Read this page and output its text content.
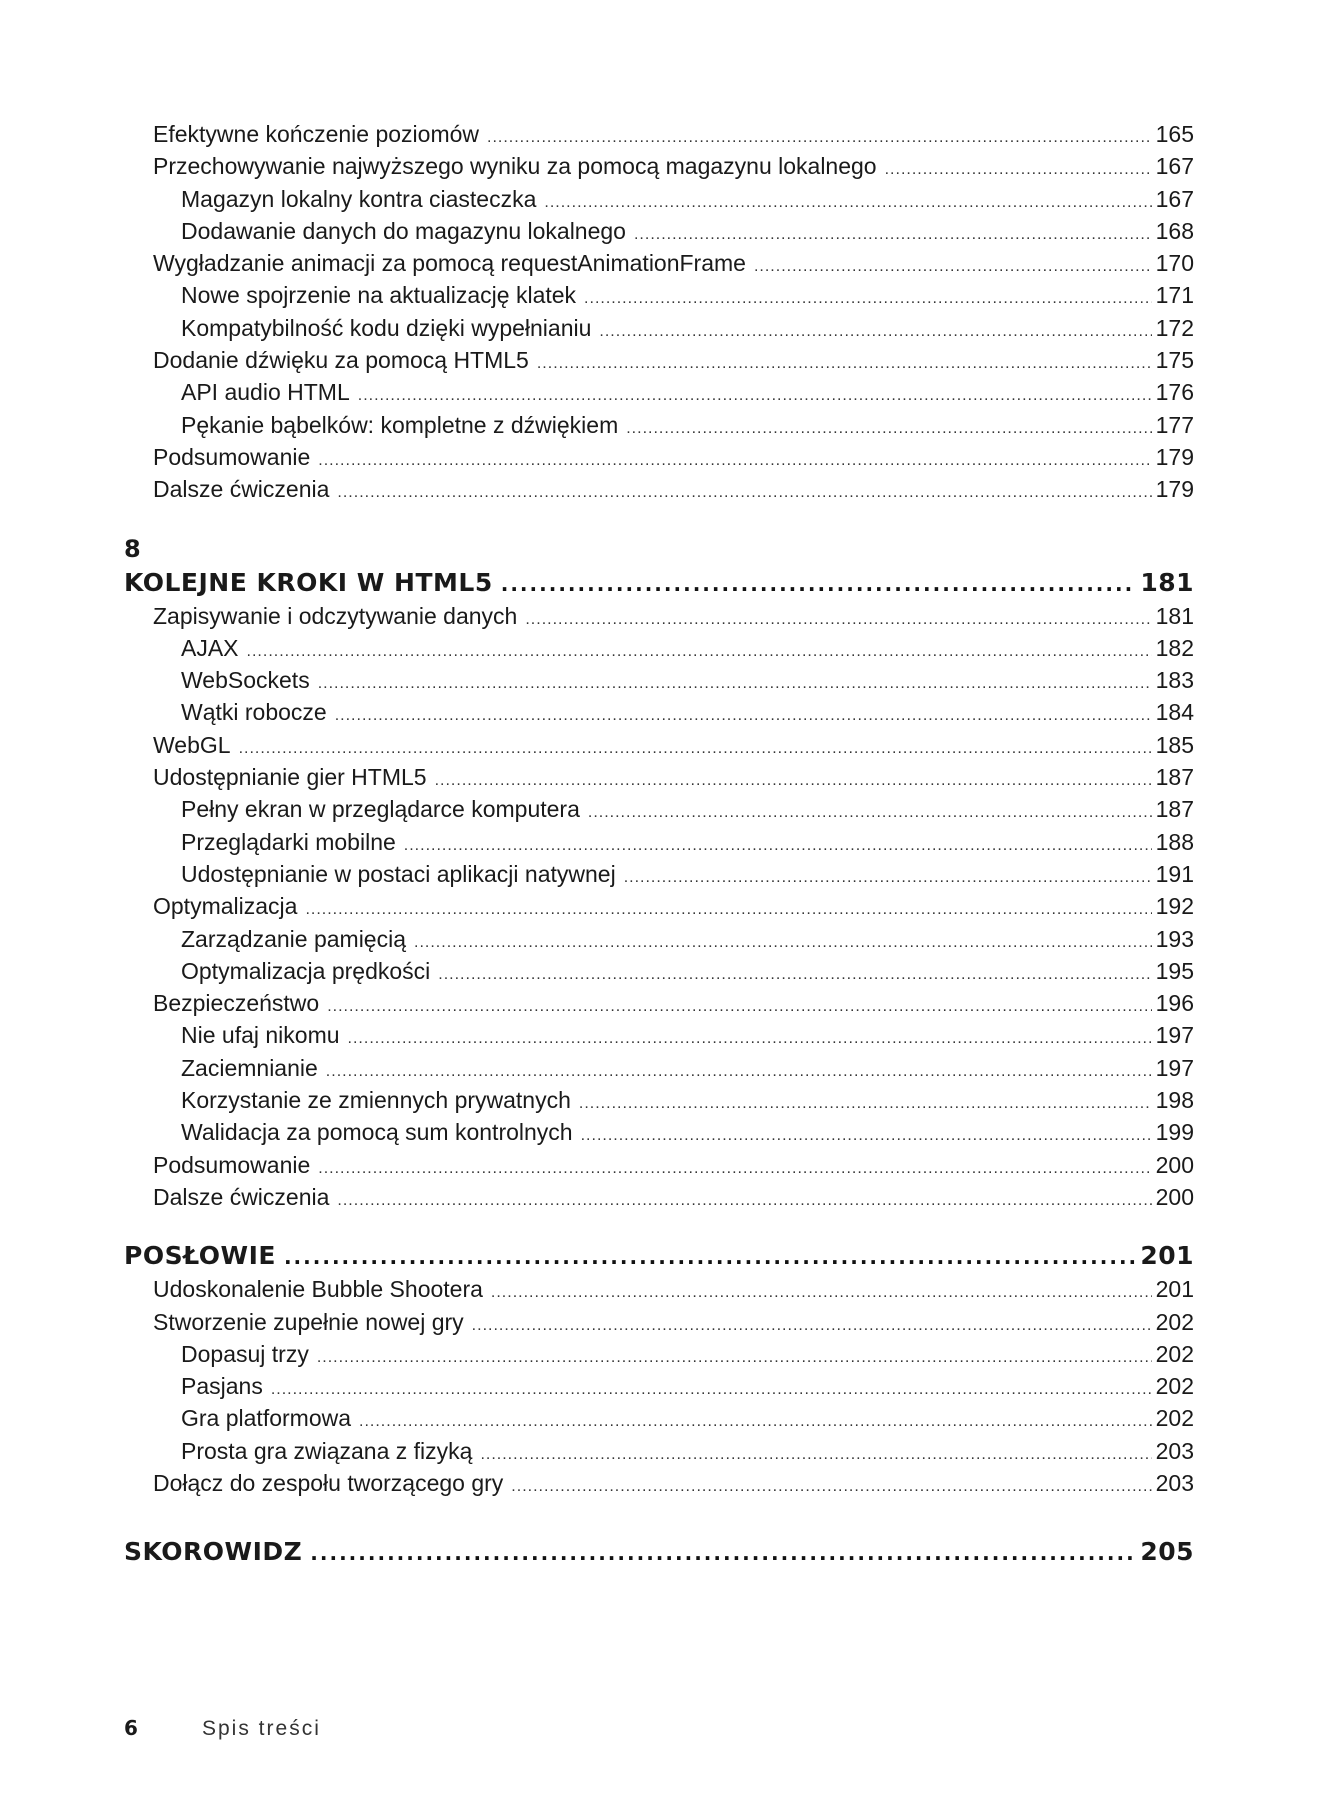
Efektywne kończenie poziomów .....	165
Przechowywanie najwyższego wyniku za pomocą magazynu lokalnego .....	167
Magazyn lokalny kontra ciasteczka .....	167
Dodawanie danych do magazynu lokalnego .....	168
Wygładzanie animacji za pomocą requestAnimationFrame .....	170
Nowe spojrzenie na aktualizację klatek .....	171
Kompatybilność kodu dzięki wypełnianiu .....	172
Dodanie dźwięku za pomocą HTML5 .....	175
API audio HTML .....	176
Pękanie bąbelków: kompletne z dźwiękiem .....	177
Podsumowanie .....	179
Dalsze ćwiczenia .....	179
8
KOLEJNE KROKI W HTML5 .....	181
Zapisywanie i odczytywanie danych .....	181
AJAX .....	182
WebSockets .....	183
Wątki robocze .....	184
WebGL .....	185
Udostępnianie gier HTML5 .....	187
Pełny ekran w przeglądarce komputera .....	187
Przeglądarki mobilne .....	188
Udostępnianie w postaci aplikacji natywnej .....	191
Optymalizacja .....	192
Zarządzanie pamięcią .....	193
Optymalizacja prędkości .....	195
Bezpieczeństwo .....	196
Nie ufaj nikomu .....	197
Zaciemnianie .....	197
Korzystanie ze zmiennych prywatnych .....	198
Walidacja za pomocą sum kontrolnych .....	199
Podsumowanie .....	200
Dalsze ćwiczenia .....	200
POSŁOWIE .....	201
Udoskonalenie Bubble Shootera .....	201
Stworzenie zupełnie nowej gry .....	202
Dopasuj trzy .....	202
Pasjans .....	202
Gra platformowa .....	202
Prosta gra związana z fizyką .....	203
Dołącz do zespołu tworzącego gry .....	203
SKOROWIDZ .....	205
6	Spis treści
